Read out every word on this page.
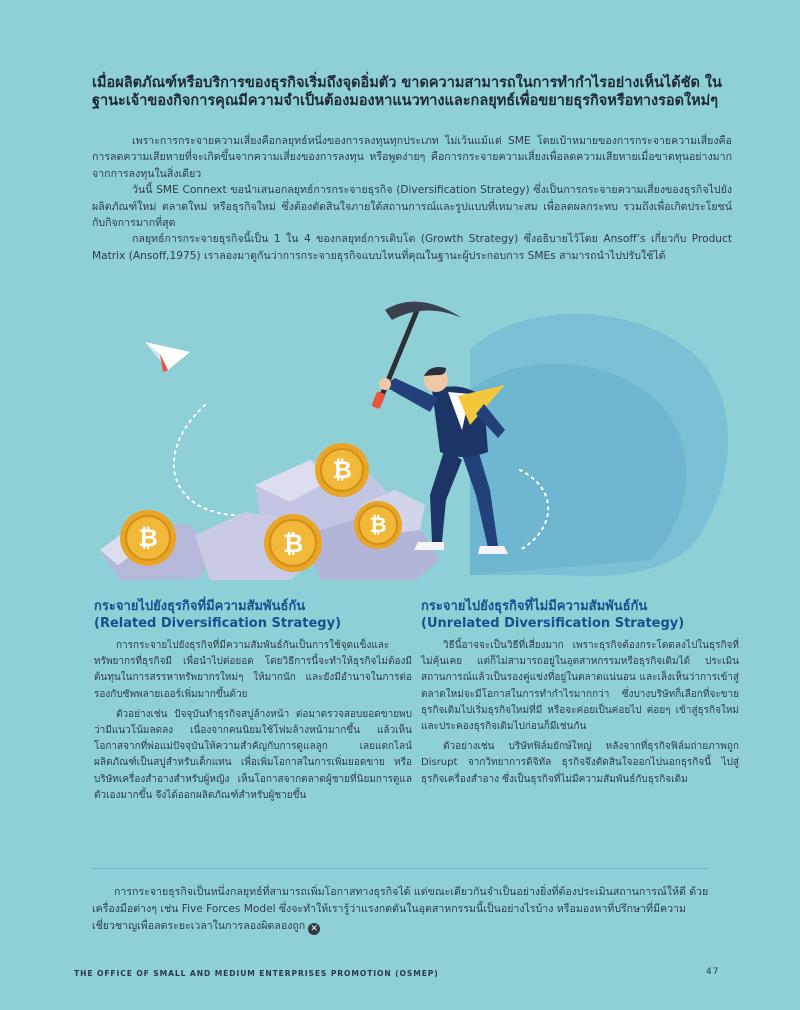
เมื่อผลิตภัณฑ์หรือบริการของธุรกิจเริ่มถึงจุดอิ่มตัว ขาดความสามารถในการทำกำไรอย่างเห็นได้ชัด ในฐานะเจ้าของกิจการคุณมีความจำเป็นต้องมองหาแนวทางและกลยุทธ์เพื่อขยายธุรกิจหรือทางรอดใหม่ๆ

เพราะการกระจายความเสี่ยงคือกลยุทธ์หนึ่งของการลงทุนทุกประเภท ไม่เว้นแม้แต่ SME โดยเป้าหมายของการกระจายความเสี่ยงคือการลดความเสียหายที่จะเกิดขึ้นจากความเสี่ยงของการลงทุน หรือพูดง่ายๆ คือการกระจายความเสี่ยงเพื่อลดความเสียหายเมื่อขาดทุนอย่างมากจากการลงทุนในสิ่งเดียว

วันนี้ SME Connext ขอนำเสนอกลยุทธ์การกระจายธุรกิจ (Diversification Strategy) ซึ่งเป็นการกระจายความเสี่ยงของธุรกิจไปยังผลิตภัณฑ์ใหม่ ตลาดใหม่ หรือธุรกิจใหม่ ซึ่งต้องตัดสินใจภายใต้สถานการณ์และรูปแบบที่เหมาะสม เพื่อลดผลกระทบ รวมถึงเพื่อเกิดประโยชน์กับกิจการมากที่สุด

กลยุทธ์การกระจายธุรกิจนี้เป็น 1 ใน 4 ของกลยุทธ์การเติบโต (Growth Strategy) ซึ่งอธิบายไว้โดย Ansoff’s เกี่ยวกับ Product Matrix (Ansoff,1975) เราลองมาดูกันว่าการกระจายธุรกิจแบบไหนที่คุณในฐานะผู้ประกอบการ SMEs สามารถนำไปปรับใช้ได้

₿
₿	₿
₿
กระจายไปยังธุรกิจที่มีความสัมพันธ์กัน
(Related Diversification Strategy)

การกระจายไปยังธุรกิจที่มีความสัมพันธ์กันเป็นการใช้จุดแข็งและทรัพยากรที่ธุรกิจมี เพื่อนำไปต่อยอด โดยวิธีการนี้จะทำให้ธุรกิจไม่ต้องมีต้นทุนในการสรรหาทรัพยากรใหม่ๆ ให้มากนัก และยังมีอำนาจในการต่อรองกับซัพพลายเออร์เพิ่มมากขึ้นด้วย

ตัวอย่างเช่น ปัจจุบันทำธุรกิจสบู่ล้างหน้า ต่อมาตรวจสอบยอดขายพบว่ามีแนวโน้มลดลง เนื่องจากคนนิยมใช้โฟมล้างหน้ามากขึ้น แล้วเห็นโอกาสจากที่พ่อแม่ปัจจุบันให้ความสำคัญกับการดูแลลูก เลยแตกไลน์ผลิตภัณฑ์เป็นสบู่สำหรับเด็กแทน เพื่อเพิ่มโอกาสในการเพิ่มยอดขาย หรือบริษัทเครื่องสำอางสำหรับผู้หญิง เห็นโอกาสจากตลาดผู้ชายที่นิยมการดูแลตัวเองมากขึ้น จึงได้ออกผลิตภัณฑ์สำหรับผู้ชายขึ้น

กระจายไปยังธุรกิจที่ไม่มีความสัมพันธ์กัน
(Unrelated Diversification Strategy)

วิธีนี้อาจจะเป็นวิธีที่เสี่ยงมาก เพราะธุรกิจต้องกระโดดลงไปในธุรกิจที่ไม่คุ้นเคย แต่ก็ไม่สามารถอยู่ในอุตสาหกรรมหรือธุรกิจเดิมได้ ประเมินสถานการณ์แล้วเป็นรองคู่แข่งที่อยู่ในตลาดแน่นอน และเล็งเห็นว่าการเข้าสู่ตลาดใหม่จะมีโอกาสในการทำกำไรมากกว่า ซึ่งบางบริษัทก็เลือกที่จะขายธุรกิจเดิมไปเริ่มธุรกิจใหม่ที่มี หรือจะค่อยเป็นค่อยไป ค่อยๆ เข้าสู่ธุรกิจใหม่ และประคองธุรกิจเดิมไปก่อนก็มีเช่นกัน

ตัวอย่างเช่น บริษัทฟิล์มยักษ์ใหญ่ หลังจากที่ธุรกิจฟิล์มถ่ายภาพถูก Disrupt จากวิทยาการดิจิทัล ธุรกิจจึงตัดสินใจออกไปนอกธุรกิจนี้ ไปสู่ธุรกิจเครื่องสำอาง ซึ่งเป็นธุรกิจที่ไม่มีความสัมพันธ์กับธุรกิจเดิม

การกระจายธุรกิจเป็นหนึ่งกลยุทธ์ที่สามารถเพิ่มโอกาสทางธุรกิจได้ แต่ขณะเดียวกันจำเป็นอย่างยิ่งที่ต้องประเมินสถานการณ์ให้ดี ด้วยเครื่องมือต่างๆ เช่น Five Forces Model ซึ่งจะทำให้เรารู้ว่าแรงกดดันในอุตสาหกรรมนี้เป็นอย่างไรบ้าง หรือมองหาที่ปรึกษาที่มีความเชี่ยวชาญเพื่อลดระยะเวลาในการลองผิดลองถูก ✕

THE OFFICE OF SMALL AND MEDIUM ENTERPRISES PROMOTION (OSMEP)	47
